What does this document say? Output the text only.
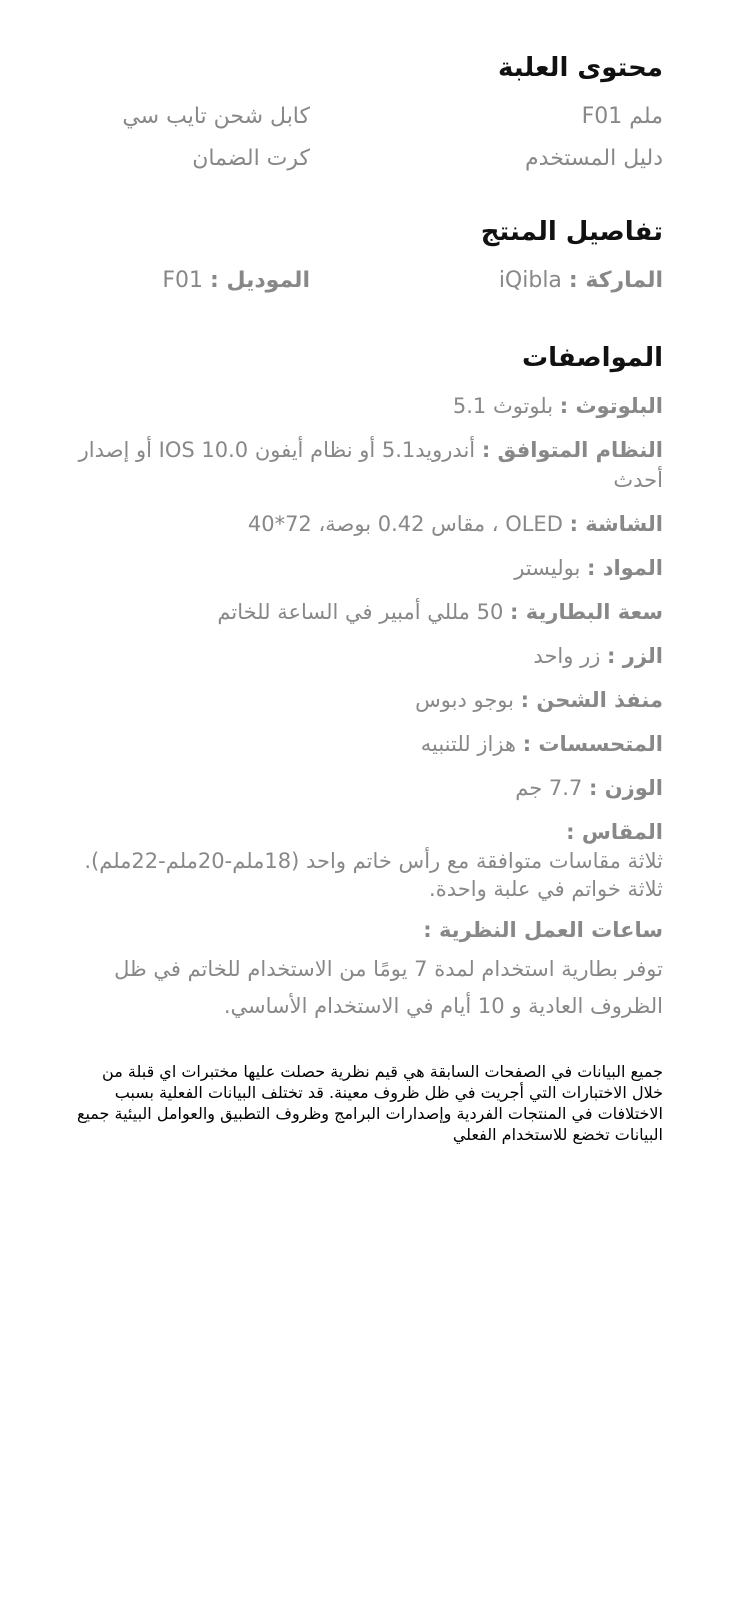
محتوى العلبة
ملم F01
كابل شحن تايب سي
دليل المستخدم
كرت الضمان
تفاصيل المنتج
الماركة : iQibla
الموديل : F01
المواصفات

البلوتوث : بلوتوث 5.1

النظام المتوافق : أندرويد5.1 أو نظام أيفون IOS 10.0 أو إصدار أحدث

الشاشة : OLED ، مقاس 0.42 بوصة، 72*40

المواد : بوليستر

سعة البطارية : 50 مللي أمبير في الساعة للخاتم

الزر : زر واحد

منفذ الشحن : بوجو دبوس

المتحسسات : هزاز للتنبيه

الوزن : 7.7 جم

المقاس :
ثلاثة مقاسات متوافقة مع رأس خاتم واحد (18ملم-20ملم-22ملم). ثلاثة خواتم في علبة واحدة.
ساعات العمل النظرية :
توفر بطارية استخدام لمدة 7 يومًا من الاستخدام للخاتم في ظل الظروف العادية و 10 أيام في الاستخدام الأساسي.
جميع البيانات في الصفحات السابقة هي قيم نظرية حصلت عليها مختبرات اي قبلة من خلال الاختبارات التي أجريت في ظل ظروف معينة. قد تختلف البيانات الفعلية بسبب الاختلافات في المنتجات الفردية وإصدارات البرامج وظروف التطبيق والعوامل البيئية جميع البيانات تخضع للاستخدام الفعلي
